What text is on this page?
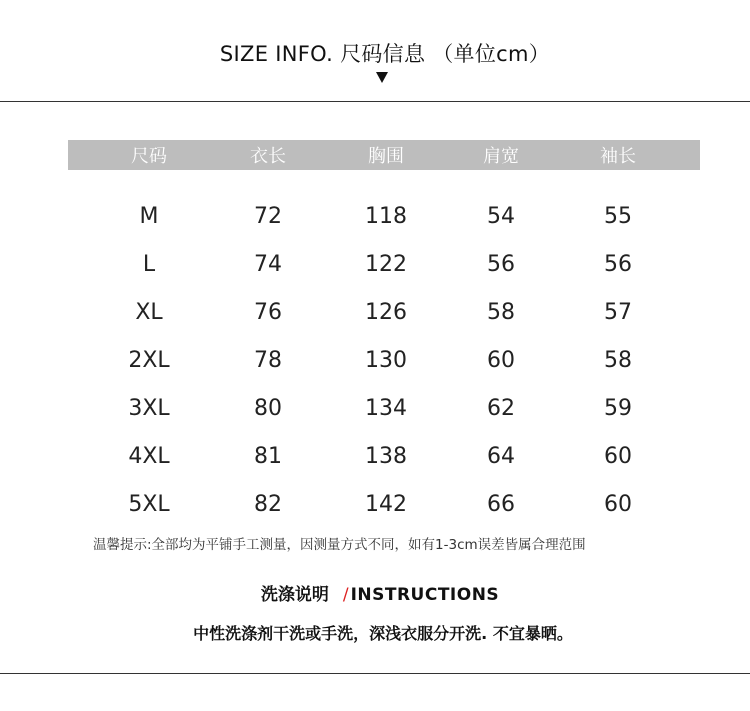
SIZE INFO. 尺码信息 （单位cm）
尺码	衣长	胸围	肩宽	袖长
M	72	118	54	55
L	74	122	56	56
XL	76	126	58	57
2XL	78	130	60	58
3XL	80	134	62	59
4XL	81	138	64	60
5XL	82	142	66	60
温馨提示:全部均为平铺手工测量，因测量方式不同，如有1-3cm误差皆属合理范围
洗涤说明 / INSTRUCTIONS
中性洗涤剂干洗或手洗，深浅衣服分开洗. 不宜暴晒。
